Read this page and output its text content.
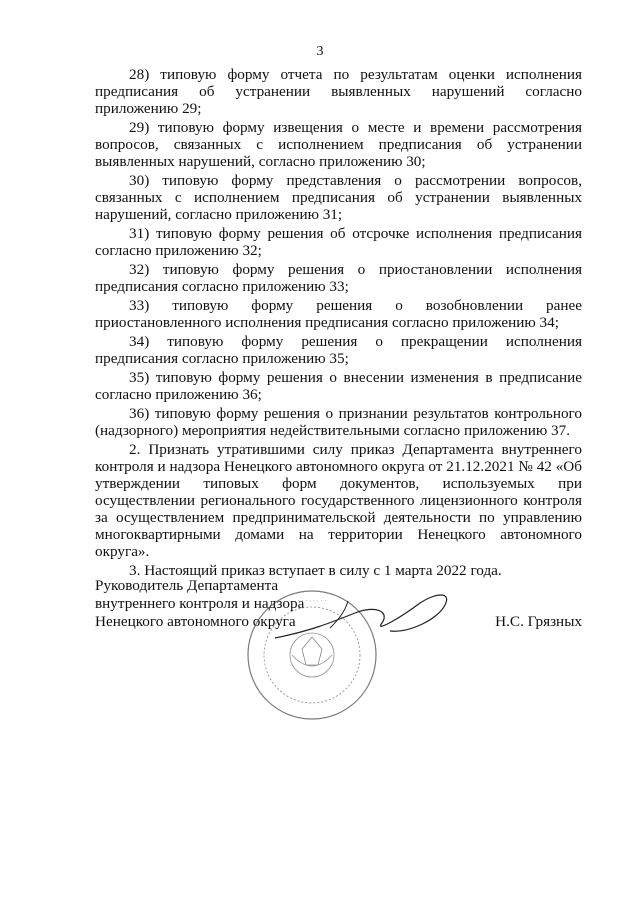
3

28) типовую форму отчета по результатам оценки исполнения предписания об устранении выявленных нарушений согласно приложению 29;

29) типовую форму извещения о месте и времени рассмотрения вопросов, связанных с исполнением предписания об устранении выявленных нарушений, согласно приложению 30;

30) типовую форму представления о рассмотрении вопросов, связанных с исполнением предписания об устранении выявленных нарушений, согласно приложению 31;

31) типовую форму решения об отсрочке исполнения предписания согласно приложению 32;

32) типовую форму решения о приостановлении исполнения предписания согласно приложению 33;

33) типовую форму решения о возобновлении ранее приостановленного исполнения предписания согласно приложению 34;

34) типовую форму решения о прекращении исполнения предписания согласно приложению 35;

35) типовую форму решения о внесении изменения в предписание согласно приложению 36;

36) типовую форму решения о признании результатов контрольного (надзорного) мероприятия недействительными согласно приложению 37.

2. Признать утратившими силу приказ Департамента внутреннего контроля и надзора Ненецкого автономного округа от 21.12.2021 № 42 «Об утверждении типовых форм документов, используемых при осуществлении регионального государственного лицензионного контроля за осуществлением предпринимательской деятельности по управлению многоквартирными домами на территории Ненецкого автономного округа».

3. Настоящий приказ вступает в силу с 1 марта 2022 года.

Руководитель Департамента
внутреннего контроля и надзора
Ненецкого автономного округа	Н.С. Грязных
· · · · · · · ·
